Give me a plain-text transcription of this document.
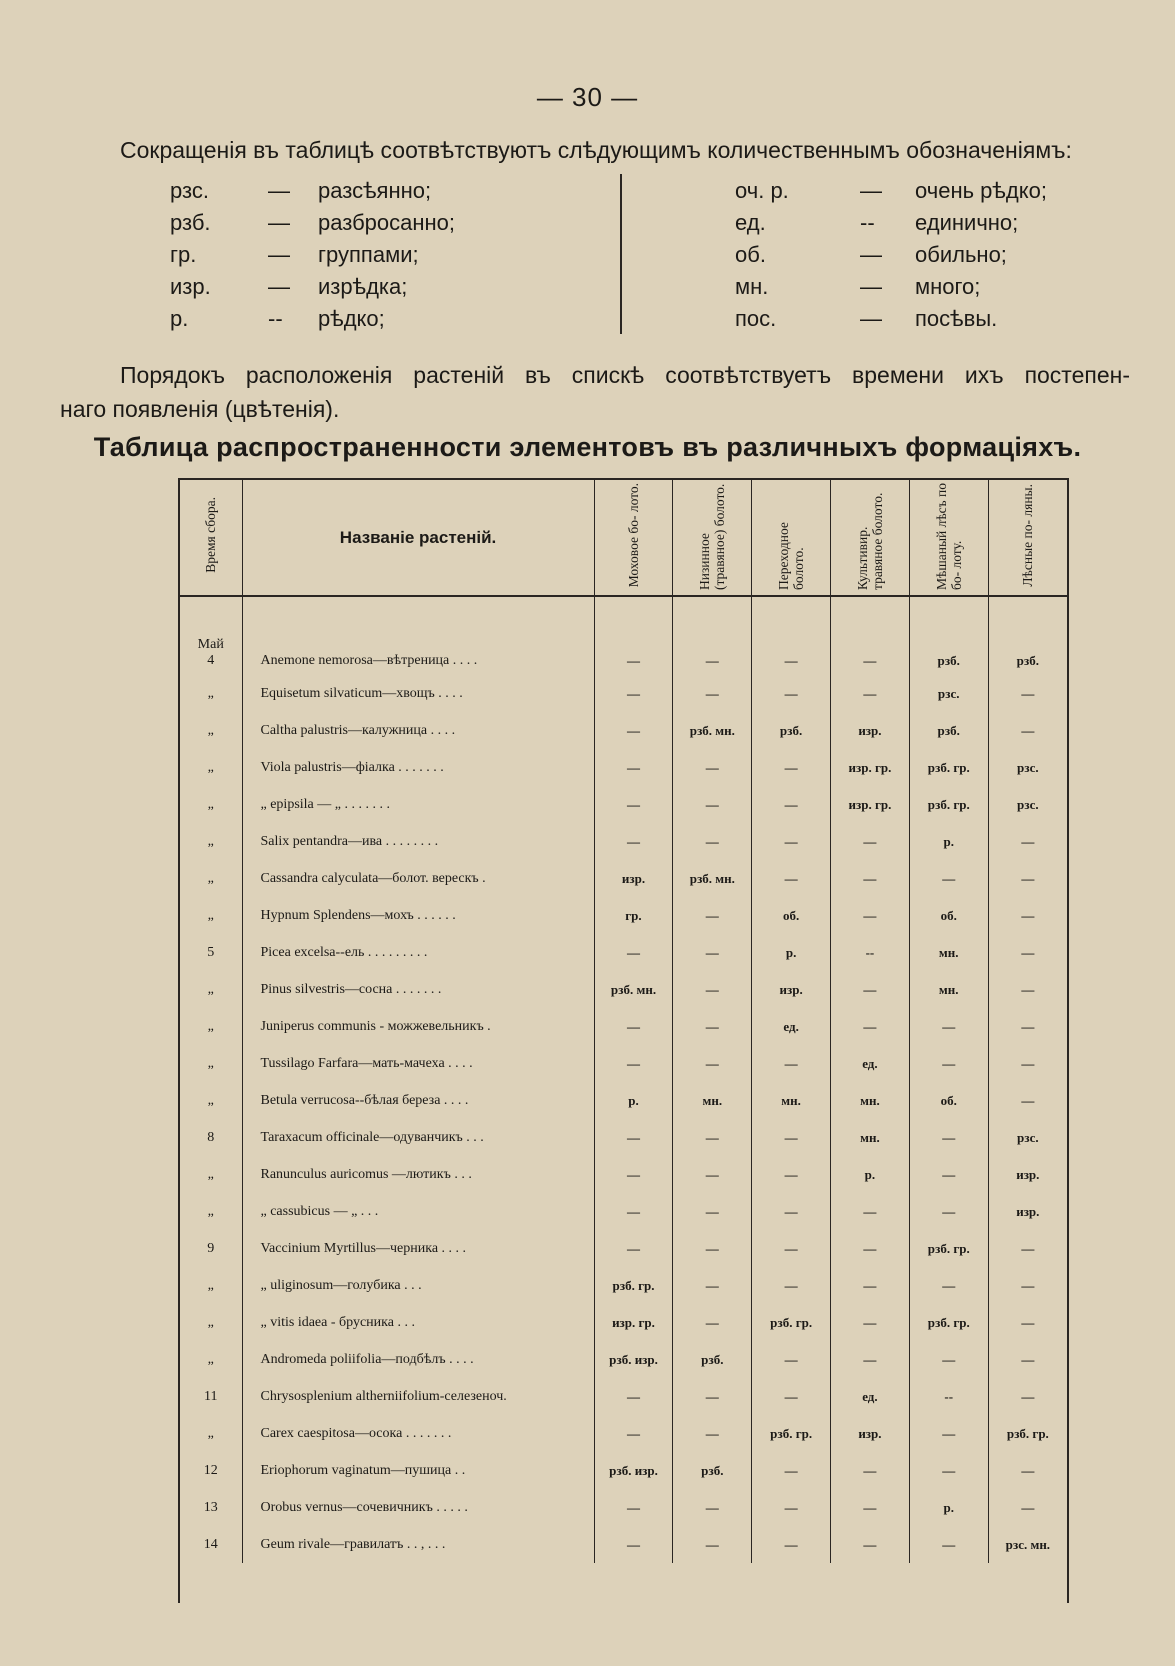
— 30 —
Сокращенія въ таблицѣ соотвѣтствуютъ слѣдующимъ количественнымъ обозначеніямъ:
рзс.	— разсѣянно;
рзб.	— разбросанно;
гр.	— группами;
изр.	— изрѣдка;
р.	-- рѣдко;
оч. р.	— очень рѣдко;
ед.	-- единично;
об.	— обильно;
мн.	— много;
пос.	— посѣвы.
Порядокъ расположенія растеній въ спискѣ соотвѣтствуетъ времени ихъ постепен-
наго появленія (цвѣтенія).
Таблица распространенности элементовъ въ различныхъ формаціяхъ.
Время сбора.	Названіе растеній.	Моховое бо- лото.	Низинное (травяное) болото.	Переходное болото.	Культивир. травяное болото.	Мѣшаный лѣсъ по бо- лоту.	Лѣсные по- ляны.

Май
4	Anemone nemorosa—вѣтреница . . . .	—	—	—	—	рзб.	рзб.
„	Equisetum silvaticum—хвощъ . . . .	—	—	—	—	рзс.	—
„	Caltha palustris—калужница . . . .	—	рзб. мн.	рзб.	изр.	рзб.	—
„	Viola palustris—фіалка . . . . . . .	—	—	—	изр. гр.	рзб. гр.	рзс.
„	„ epipsila — „ . . . . . . .	—	—	—	изр. гр.	рзб. гр.	рзс.
„	Salix pentandra—ива . . . . . . . .	—	—	—	—	р.	—
„	Cassandra calyculata—болот. верескъ .	изр.	рзб. мн.	—	—	—	—
„	Hypnum Splendens—мохъ . . . . . .	гр.	—	об.	—	об.	—
5	Picea excelsa--ель . . . . . . . . .	—	—	р.	--	мн.	—
„	Pinus silvestris—сосна . . . . . . .	рзб. мн.	—	изр.	—	мн.	—
„	Juniperus communis - можжевельникъ .	—	—	ед.	—	—	—
„	Tussilago Farfara—мать-мачеха . . . .	—	—	—	ед.	—	—
„	Betula verrucosa--бѣлая береза . . . .	р.	мн.	мн.	мн.	об.	—
8	Taraxacum officinale—одуванчикъ . . .	—	—	—	мн.	—	рзс.
„	Ranunculus auricomus —лютикъ . . .	—	—	—	р.	—	изр.
„	„ cassubicus — „ . . .	—	—	—	—	—	изр.
9	Vaccinium Myrtillus—черника . . . .	—	—	—	—	рзб. гр.	—
„	„ uliginosum—голубика . . .	рзб. гр.	—	—	—	—	—
„	„ vitis idaea - брусника . . .	изр. гр.	—	рзб. гр.	—	рзб. гр.	—
„	Andromeda poliifolia—подбѣлъ . . . .	рзб. изр.	рзб.	—	—	—	—
11	Chrysosplenium altherniifolium-селезеноч.	—	—	—	ед.	--	—
„	Carex caespitosa—осока . . . . . . .	—	—	рзб. гр.	изр.	—	рзб. гр.
12	Eriophorum vaginatum—пушица . .	рзб. изр.	рзб.	—	—	—	—
13	Orobus vernus—сочевичникъ . . . . .	—	—	—	—	р.	—
14	Geum rivale—гравилатъ . . , . . .	—	—	—	—	—	рзс. мн.
